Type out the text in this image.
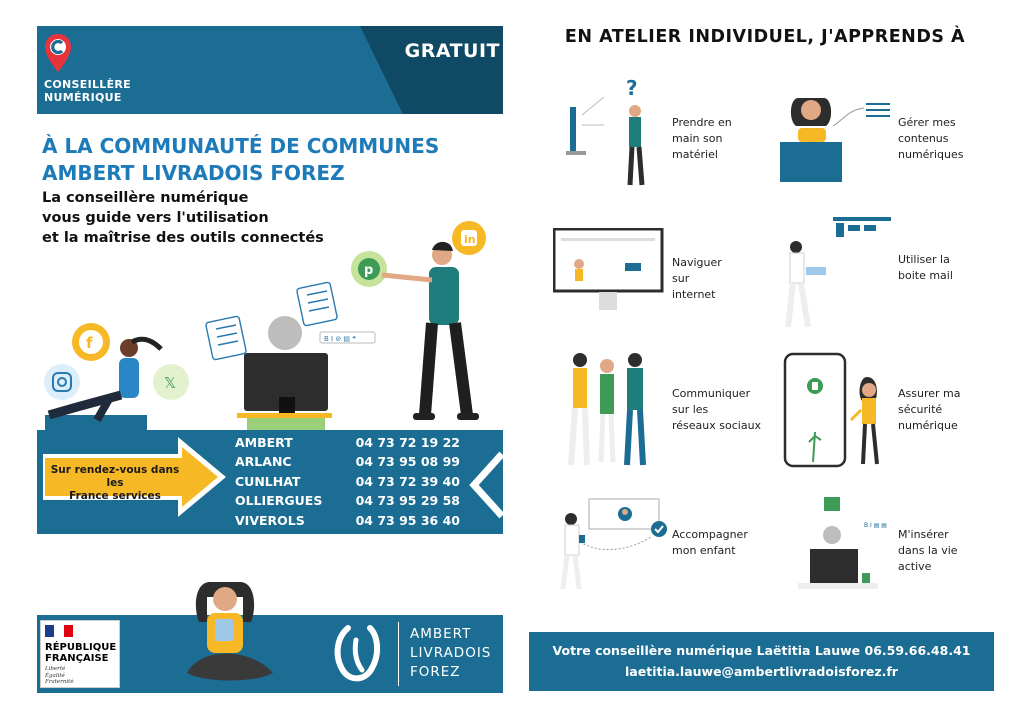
GRATUIT
CONSEILLÈRE
NUMÉRIQUE
À LA COMMUNAUTÉ DE COMMUNES
AMBERT LIVRADOIS FOREZ
La conseillère numérique
vous guide vers l'utilisation
et la maîtrise des outils connectés	in
p
B I ⊘ ▤ ❝
f
𝕏
Sur rendez-vous dans les
France services
AMBERT	04 73 72 19 22
ARLANC	04 73 95 08 99
CUNLHAT	04 73 72 39 40
OLLIERGUES	04 73 95 29 58
VIVEROLS	04 73 95 36 40
RÉPUBLIQUE
FRANÇAISE
Liberté
Égalité
Fraternité
AMBERT
LIVRADOIS
FOREZ
EN ATELIER INDIVIDUEL, J'APPRENDS À
?
Prendre en
main son
matériel
Gérer mes
contenus
numériques
Naviguer
sur
internet
Utiliser la
boite mail
Communiquer
sur les
réseaux sociaux
Assurer ma
sécurité
numérique
Accompagner
mon enfant
B I ▤ ▤
M'insérer
dans la vie
active
Votre conseillère numérique Laëtitia Lauwe 06.59.66.48.41
laetitia.lauwe@ambertlivradoisforez.fr
